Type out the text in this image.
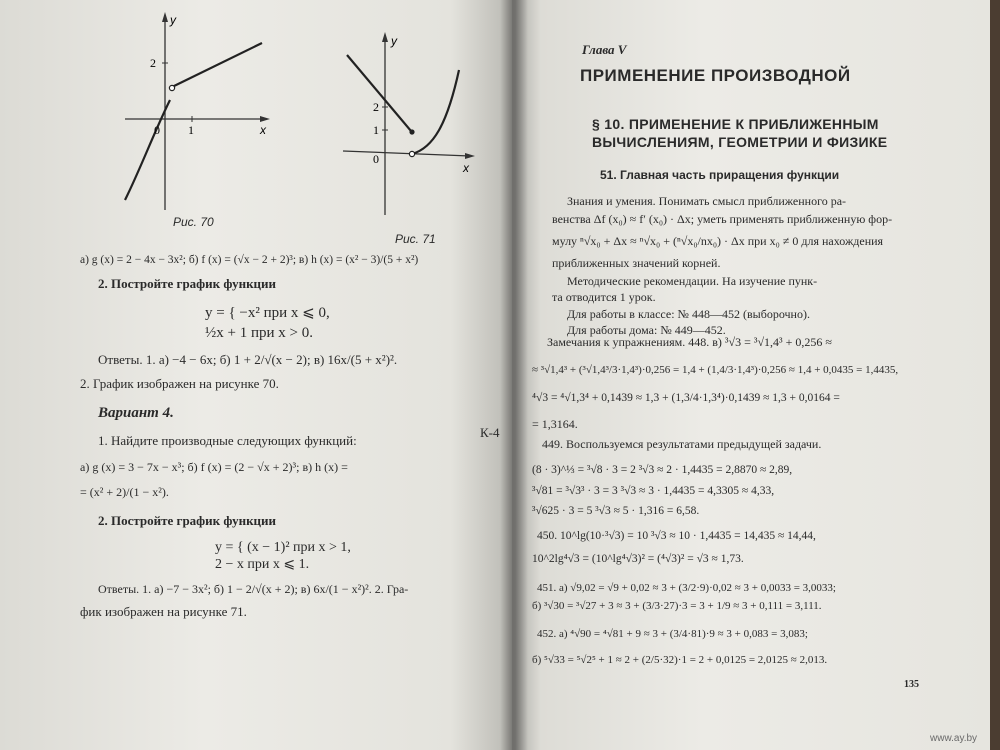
y
x
2
1
0
Рис. 70
y
x
2
1
0
Рис. 71
а) g (x) = 2 − 4x − 3x²; б) f (x) = (√x − 2 + 2)³; в) h (x) = (x² − 3)/(5 + x²)
2. Постройте график функции
y = { −x² при x ⩽ 0,
½x + 1 при x > 0.
Ответы. 1. а) −4 − 6x; б) 1 + 2/√(x − 2); в) 16x/(5 + x²)².
2. График изображен на рисунке 70.
Вариант 4.
К-4
1. Найдите производные следующих функций:
а) g (x) = 3 − 7x − x³; б) f (x) = (2 − √x + 2)³; в) h (x) =
= (x² + 2)/(1 − x²).
2. Постройте график функции
y = { (x − 1)² при x > 1,
2 − x при x ⩽ 1.
Ответы. 1. а) −7 − 3x²; б) 1 − 2/√(x + 2); в) 6x/(1 − x²)². 2. Гра-
фик изображен на рисунке 71.
Глава V
ПРИМЕНЕНИЕ ПРОИЗВОДНОЙ
§ 10. ПРИМЕНЕНИЕ К ПРИБЛИЖЕННЫМ
ВЫЧИСЛЕНИЯМ, ГЕОМЕТРИИ И ФИЗИКЕ
51. Главная часть приращения функции
Знания и умения. Понимать смысл приближенного ра-
венства Δf (x₀) ≈ f′ (x₀) · Δx; уметь применять приближенную фор-
мулу ⁿ√x₀ + Δx ≈ ⁿ√x₀ + (ⁿ√x₀/nx₀) · Δx при x₀ ≠ 0 для нахождения
приближенных значений корней.
Методические рекомендации. На изучение пунк-
та отводится 1 урок.
Для работы в классе: № 448—452 (выборочно).
Для работы дома: № 449—452.
Замечания к упражнениям. 448. в) ³√3 = ³√1,4³ + 0,256 ≈
≈ ³√1,4³ + (³√1,4³/3·1,4³)·0,256 = 1,4 + (1,4/3·1,4³)·0,256 ≈ 1,4 + 0,0435 = 1,4435,
⁴√3 = ⁴√1,3⁴ + 0,1439 ≈ 1,3 + (1,3/4·1,3⁴)·0,1439 ≈ 1,3 + 0,0164 =
= 1,3164.
449. Воспользуемся результатами предыдущей задачи.
(8 · 3)^⅓ = ³√8 · 3 = 2 ³√3 ≈ 2 · 1,4435 = 2,8870 ≈ 2,89,
³√81 = ³√3³ · 3 = 3 ³√3 ≈ 3 · 1,4435 = 4,3305 ≈ 4,33,
³√625 · 3 = 5 ³√3 ≈ 5 · 1,316 = 6,58.
450. 10^lg(10·³√3) = 10 ³√3 ≈ 10 · 1,4435 = 14,435 ≈ 14,44,
10^2lg⁴√3 = (10^lg⁴√3)² = (⁴√3)² = √3 ≈ 1,73.
451. а) √9,02 = √9 + 0,02 ≈ 3 + (3/2·9)·0,02 ≈ 3 + 0,0033 = 3,0033;
б) ³√30 = ³√27 + 3 ≈ 3 + (3/3·27)·3 = 3 + 1/9 ≈ 3 + 0,111 = 3,111.
452. а) ⁴√90 = ⁴√81 + 9 ≈ 3 + (3/4·81)·9 ≈ 3 + 0,083 = 3,083;
б) ⁵√33 = ⁵√2⁵ + 1 ≈ 2 + (2/5·32)·1 = 2 + 0,0125 = 2,0125 ≈ 2,013.
135
www.ay.by
